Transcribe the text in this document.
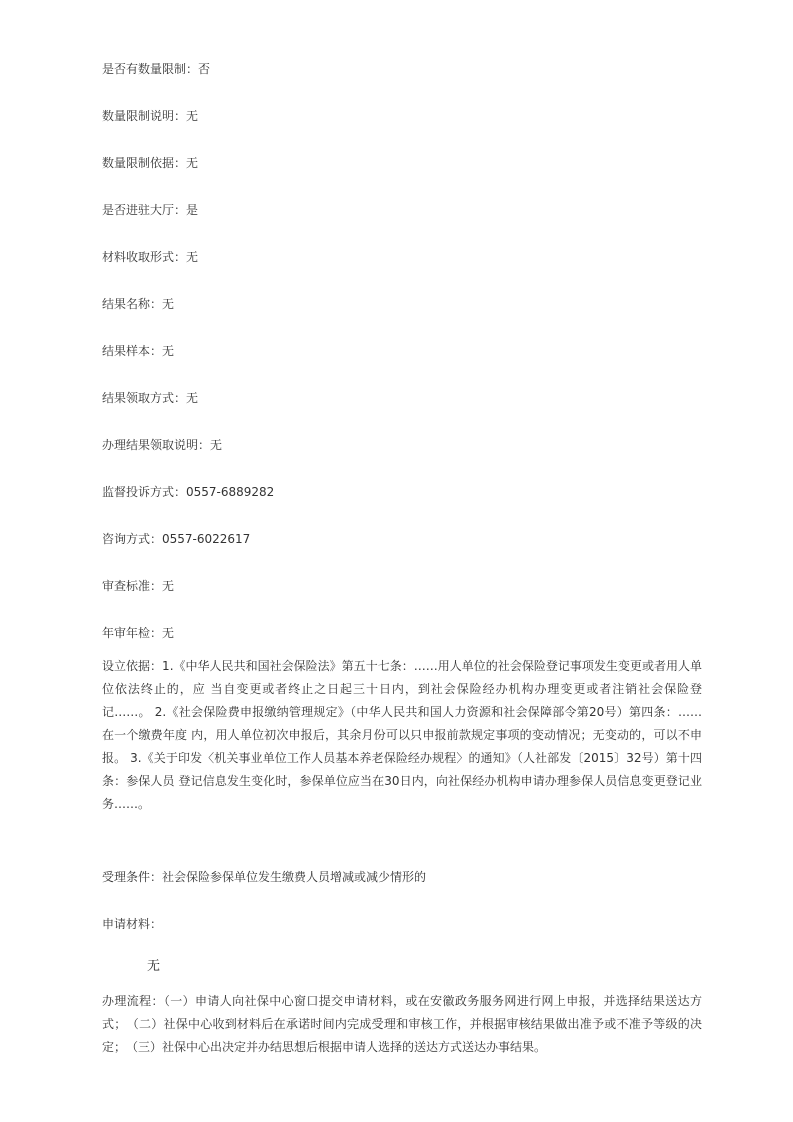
是否有数量限制：否
数量限制说明：无
数量限制依据：无
是否进驻大厅：是
材料收取形式：无
结果名称：无
结果样本：无
结果领取方式：无
办理结果领取说明：无
监督投诉方式：0557-6889282
咨询方式：0557-6022617
审查标准：无
年审年检：无
设立依据：1.《中华人民共和国社会保险法》第五十七条：……用人单位的社会保险登记事项发生变更或者用人单位依法终止的，应 当自变更或者终止之日起三十日内，到社会保险经办机构办理变更或者注销社会保险登记……。 2.《社会保险费申报缴纳管理规定》（中华人民共和国人力资源和社会保障部令第20号）第四条：……在一个缴费年度 内，用人单位初次申报后，其余月份可以只申报前款规定事项的变动情况；无变动的，可以不申报。 3.《关于印发〈机关事业单位工作人员基本养老保险经办规程〉的通知》（人社部发〔2015〕32号）第十四条：参保人员 登记信息发生变化时，参保单位应当在30日内，向社保经办机构申请办理参保人员信息变更登记业务……。
受理条件：社会保险参保单位发生缴费人员增减或减少情形的
申请材料：
无
办理流程：（一）申请人向社保中心窗口提交申请材料，或在安徽政务服务网进行网上申报，并选择结果送达方式；　（二）社保中心收到材料后在承诺时间内完成受理和审核工作，并根据审核结果做出准予或不准予等级的决定；　（三）社保中心出决定并办结思想后根据申请人选择的送达方式送达办事结果。
